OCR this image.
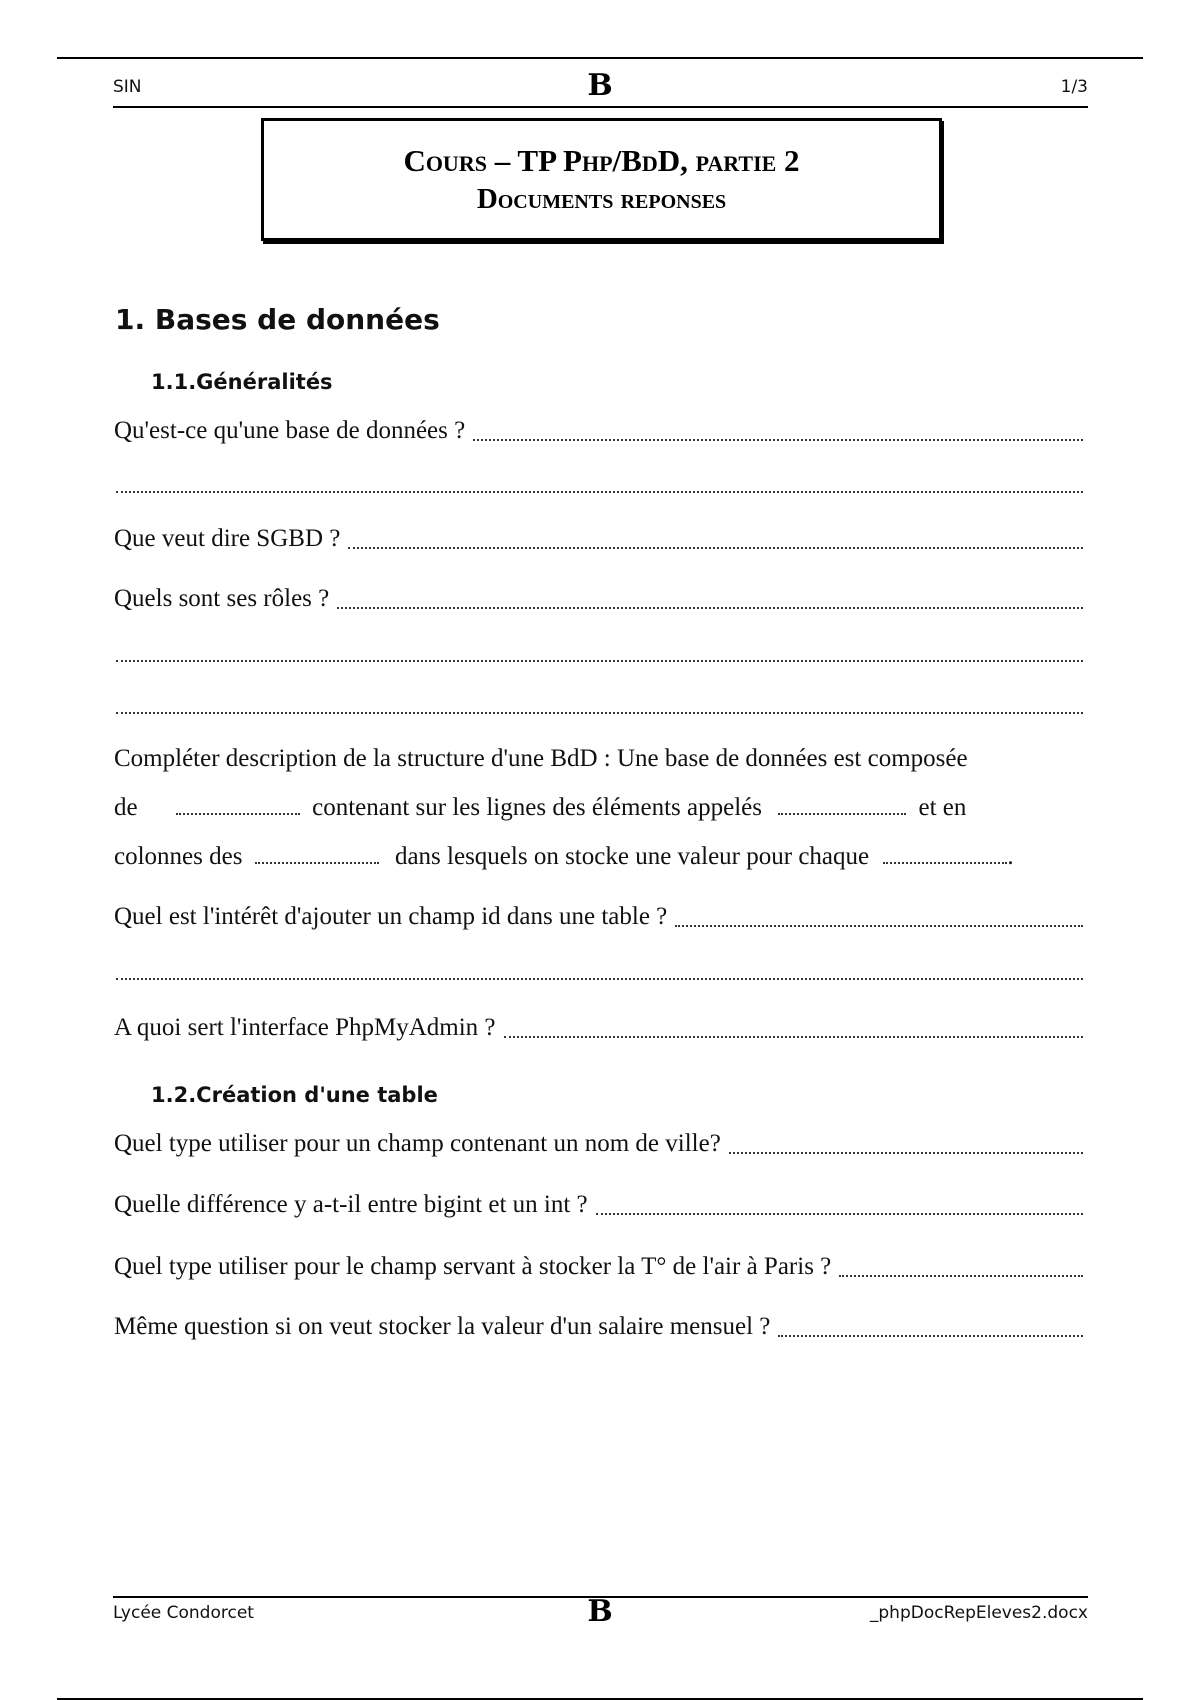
SIN	B	1/3
Cours – TP Php/BdD, partie 2
Documents reponses
1. Bases de données
1.1.Généralités
Qu'est-ce qu'une base de données ?
Que veut dire SGBD ?
Quels sont ses rôles ?
Compléter description de la structure d'une BdD : Une base de données est composée
de	contenant sur les lignes des éléments appelés	et en
colonnes des	dans lesquels on stocke une valeur pour chaque	.
Quel est l'intérêt d'ajouter un champ id dans une table ?
A quoi sert l'interface PhpMyAdmin ?
1.2.Création d'une table
Quel type utiliser pour un champ contenant un nom de ville?
Quelle différence y a-t-il entre bigint et un int ?
Quel type utiliser pour le champ servant à stocker la T° de l'air à Paris ?
Même question si on veut stocker la valeur d'un salaire mensuel ?
Lycée Condorcet	B	_phpDocRepEleves2.docx
